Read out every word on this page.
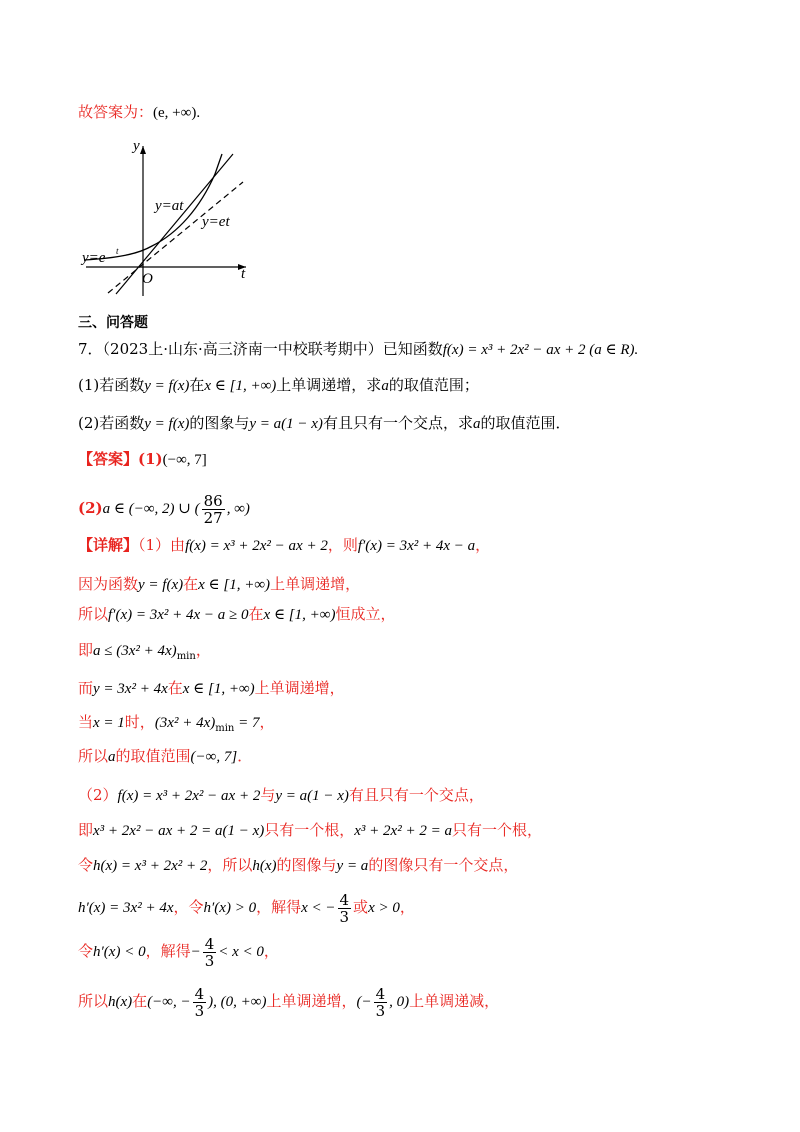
故答案为：(e, +∞).
y
t
O
y=at
y=et
y=e t
三、问答题
7．（2023上·山东·高三济南一中校联考期中）已知函数f(x) = x³ + 2x² − ax + 2 (a ∈ R).
(1)若函数y = f(x)在x ∈ [1, +∞)上单调递增，求a的取值范围；
(2)若函数y = f(x)的图象与y = a(1 − x)有且只有一个交点，求a的取值范围．
【答案】(1)(−∞, 7]
(2)a ∈ (−∞, 2) ∪ ( $\frac{86}{27}$ , ∞)
【详解】（1）由f(x) = x³ + 2x² − ax + 2，则f′(x) = 3x² + 4x − a，
因为函数y = f(x)在x ∈ [1, +∞)上单调递增，
所以f′(x) = 3x² + 4x − a ≥ 0在x ∈ [1, +∞)恒成立，
即$a \le (3x^2 + 4x)_{min}$，
而y = 3x² + 4x在x ∈ [1, +∞)上单调递增，
当x = 1时，$(3x^2 + 4x)_{min} = 7$，
所以a的取值范围(−∞, 7]．
（2）f(x) = x³ + 2x² − ax + 2与y = a(1 − x)有且只有一个交点，
即x³ + 2x² − ax + 2 = a(1 − x)只有一个根，x³ + 2x² + 2 = a只有一个根，
令h(x) = x³ + 2x² + 2，所以h(x)的图像与y = a的图像只有一个交点，
h′(x) = 3x² + 4x，令h′(x) > 0，解得x < − $\frac{4}{3}$ 或x > 0，
令h′(x) < 0，解得− $\frac{4}{3} < x < 0$，
所以h(x)在(−∞, − $\frac{4}{3}$ ), (0, +∞)上单调递增，(− $\frac{4}{3}$ , 0)上单调递减，
